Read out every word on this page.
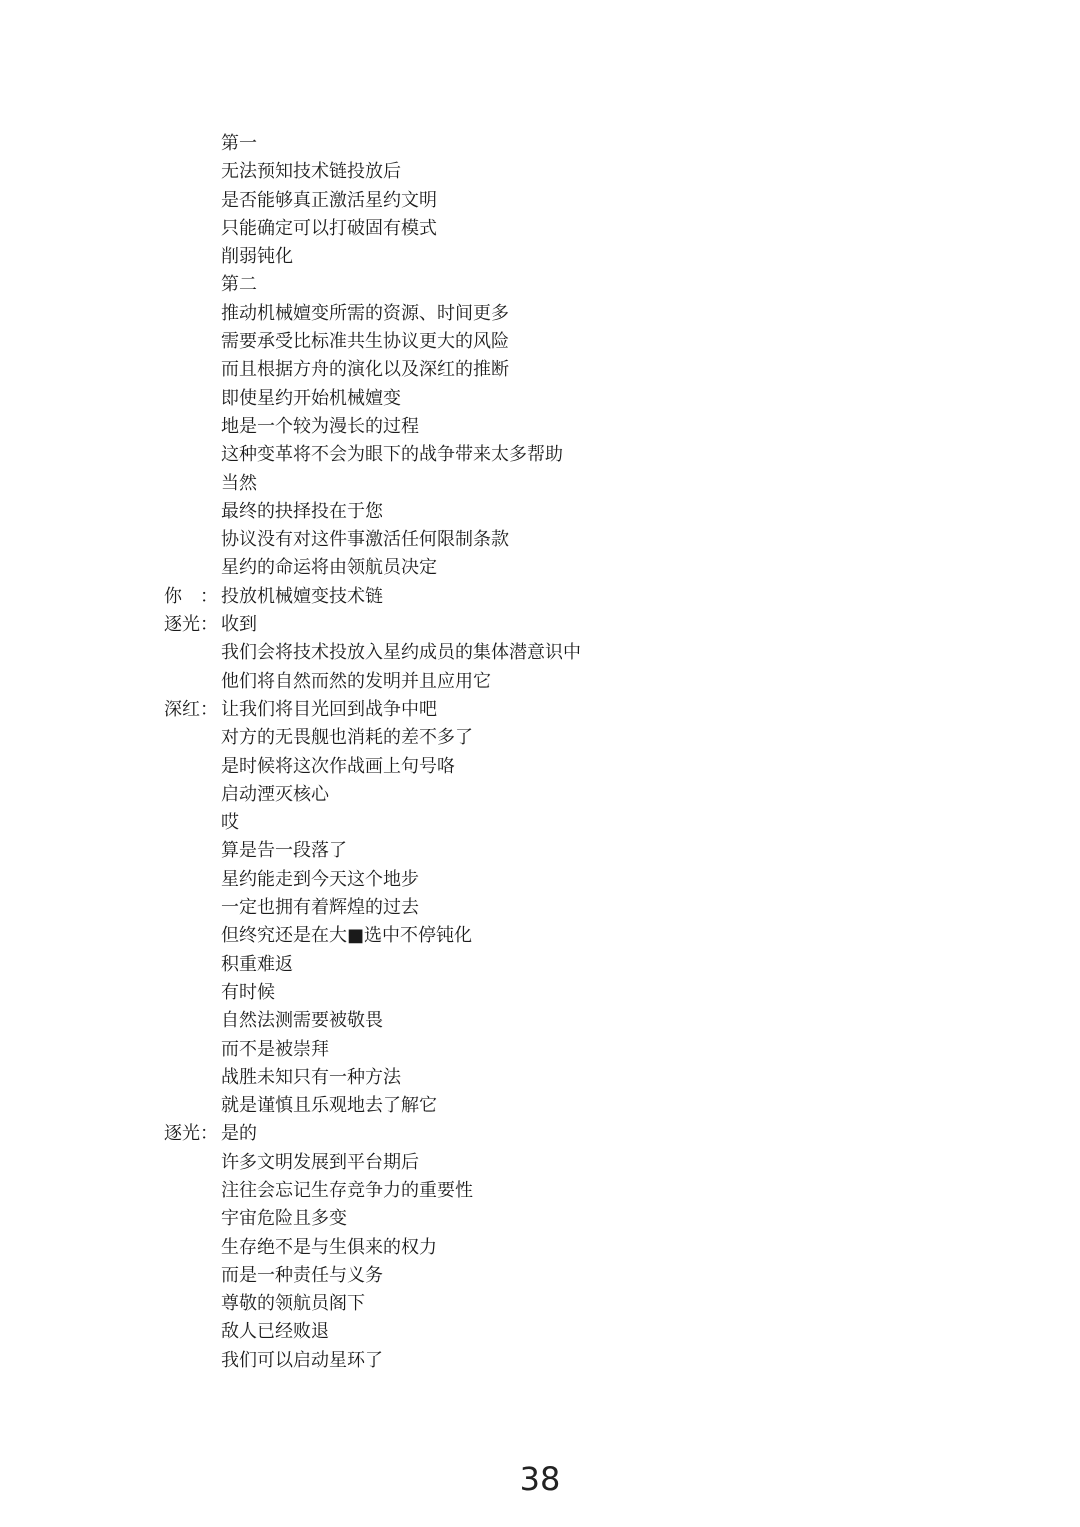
第一
无法预知技术链投放后
是否能够真正激活星约文明
只能确定可以打破固有模式
削弱钝化
第二
推动机械嬗变所需的资源、时间更多
需要承受比标准共生协议更大的风险
而且根据方舟的演化以及深红的推断
即使星约开始机械嬗变
地是一个较为漫长的过程
这种变革将不会为眼下的战争带来太多帮助
当然
最终的抉择投在于您
协议没有对这件事激活任何限制条款
星约的命运将由领航员决定
你　： 投放机械嬗变技术链
逐光： 收到
我们会将技术投放入星约成员的集体潜意识中
他们将自然而然的发明并且应用它
深红： 让我们将目光回到战争中吧
对方的无畏舰也消耗的差不多了
是时候将这次作战画上句号咯
启动湮灭核心
哎
算是告一段落了
星约能走到今天这个地步
一定也拥有着辉煌的过去
但终究还是在大■选中不停钝化
积重难返
有时候
自然法测需要被敬畏
而不是被崇拜
战胜未知只有一种方法
就是谨慎且乐观地去了解它
逐光： 是的
许多文明发展到平台期后
注往会忘记生存竞争力的重要性
宇宙危险且多变
生存绝不是与生俱来的权力
而是一种责任与义务
尊敬的领航员阁下
敌人已经败退
我们可以启动星环了
38
